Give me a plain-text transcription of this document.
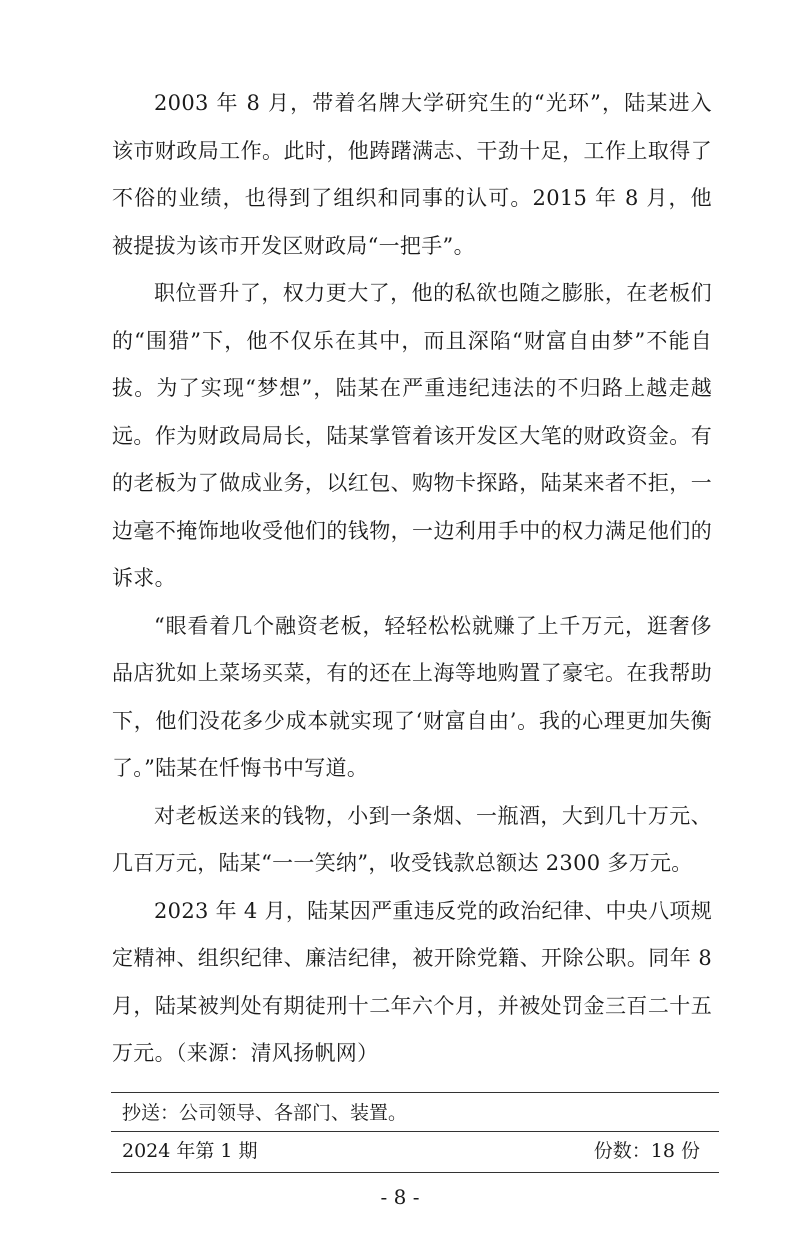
2003 年 8 月，带着名牌大学研究生的“光环”，陆某进入该市财政局工作。此时，他踌躇满志、干劲十足，工作上取得了不俗的业绩，也得到了组织和同事的认可。2015 年 8 月，他被提拔为该市开发区财政局“一把手”。

职位晋升了，权力更大了，他的私欲也随之膨胀，在老板们的“围猎”下，他不仅乐在其中，而且深陷“财富自由梦”不能自拔。为了实现“梦想”，陆某在严重违纪违法的不归路上越走越远。作为财政局局长，陆某掌管着该开发区大笔的财政资金。有的老板为了做成业务，以红包、购物卡探路，陆某来者不拒，一边毫不掩饰地收受他们的钱物，一边利用手中的权力满足他们的诉求。

“眼看着几个融资老板，轻轻松松就赚了上千万元，逛奢侈品店犹如上菜场买菜，有的还在上海等地购置了豪宅。在我帮助下，他们没花多少成本就实现了‘财富自由’。我的心理更加失衡了。”陆某在忏悔书中写道。

对老板送来的钱物，小到一条烟、一瓶酒，大到几十万元、几百万元，陆某“一一笑纳”，收受钱款总额达 2300 多万元。

2023 年 4 月，陆某因严重违反党的政治纪律、中央八项规定精神、组织纪律、廉洁纪律，被开除党籍、开除公职。同年 8 月，陆某被判处有期徒刑十二年六个月，并被处罚金三百二十五万元。（来源：清风扬帆网）

抄送：公司领导、各部门、装置。
2024 年第 1 期	份数：18 份
- 8 -
